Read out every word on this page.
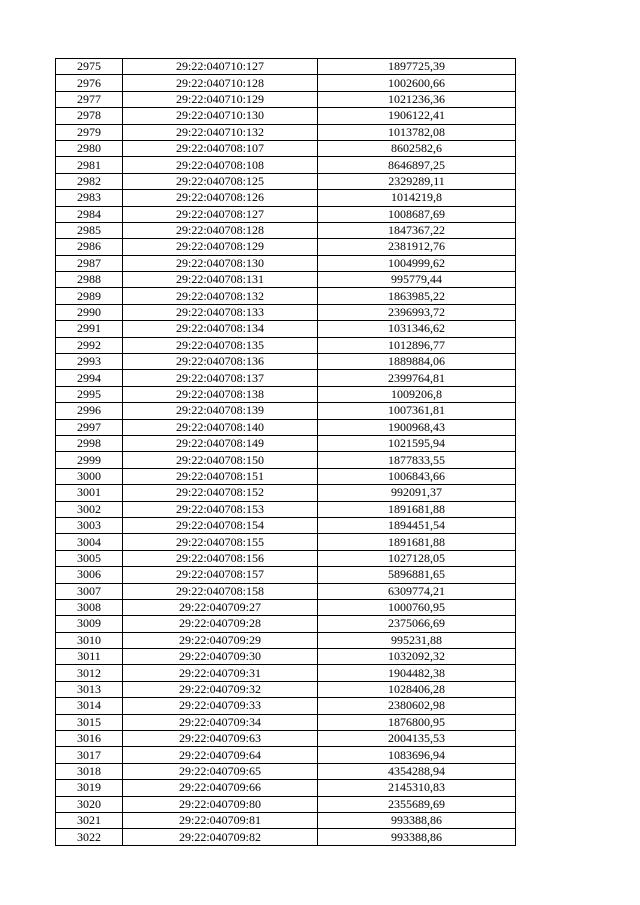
2975	29:22:040710:127	1897725,39
2976	29:22:040710:128	1002600,66
2977	29:22:040710:129	1021236,36
2978	29:22:040710:130	1906122,41
2979	29:22:040710:132	1013782,08
2980	29:22:040708:107	8602582,6
2981	29:22:040708:108	8646897,25
2982	29:22:040708:125	2329289,11
2983	29:22:040708:126	1014219,8
2984	29:22:040708:127	1008687,69
2985	29:22:040708:128	1847367,22
2986	29:22:040708:129	2381912,76
2987	29:22:040708:130	1004999,62
2988	29:22:040708:131	995779,44
2989	29:22:040708:132	1863985,22
2990	29:22:040708:133	2396993,72
2991	29:22:040708:134	1031346,62
2992	29:22:040708:135	1012896,77
2993	29:22:040708:136	1889884,06
2994	29:22:040708:137	2399764,81
2995	29:22:040708:138	1009206,8
2996	29:22:040708:139	1007361,81
2997	29:22:040708:140	1900968,43
2998	29:22:040708:149	1021595,94
2999	29:22:040708:150	1877833,55
3000	29:22:040708:151	1006843,66
3001	29:22:040708:152	992091,37
3002	29:22:040708:153	1891681,88
3003	29:22:040708:154	1894451,54
3004	29:22:040708:155	1891681,88
3005	29:22:040708:156	1027128,05
3006	29:22:040708:157	5896881,65
3007	29:22:040708:158	6309774,21
3008	29:22:040709:27	1000760,95
3009	29:22:040709:28	2375066,69
3010	29:22:040709:29	995231,88
3011	29:22:040709:30	1032092,32
3012	29:22:040709:31	1904482,38
3013	29:22:040709:32	1028406,28
3014	29:22:040709:33	2380602,98
3015	29:22:040709:34	1876800,95
3016	29:22:040709:63	2004135,53
3017	29:22:040709:64	1083696,94
3018	29:22:040709:65	4354288,94
3019	29:22:040709:66	2145310,83
3020	29:22:040709:80	2355689,69
3021	29:22:040709:81	993388,86
3022	29:22:040709:82	993388,86
